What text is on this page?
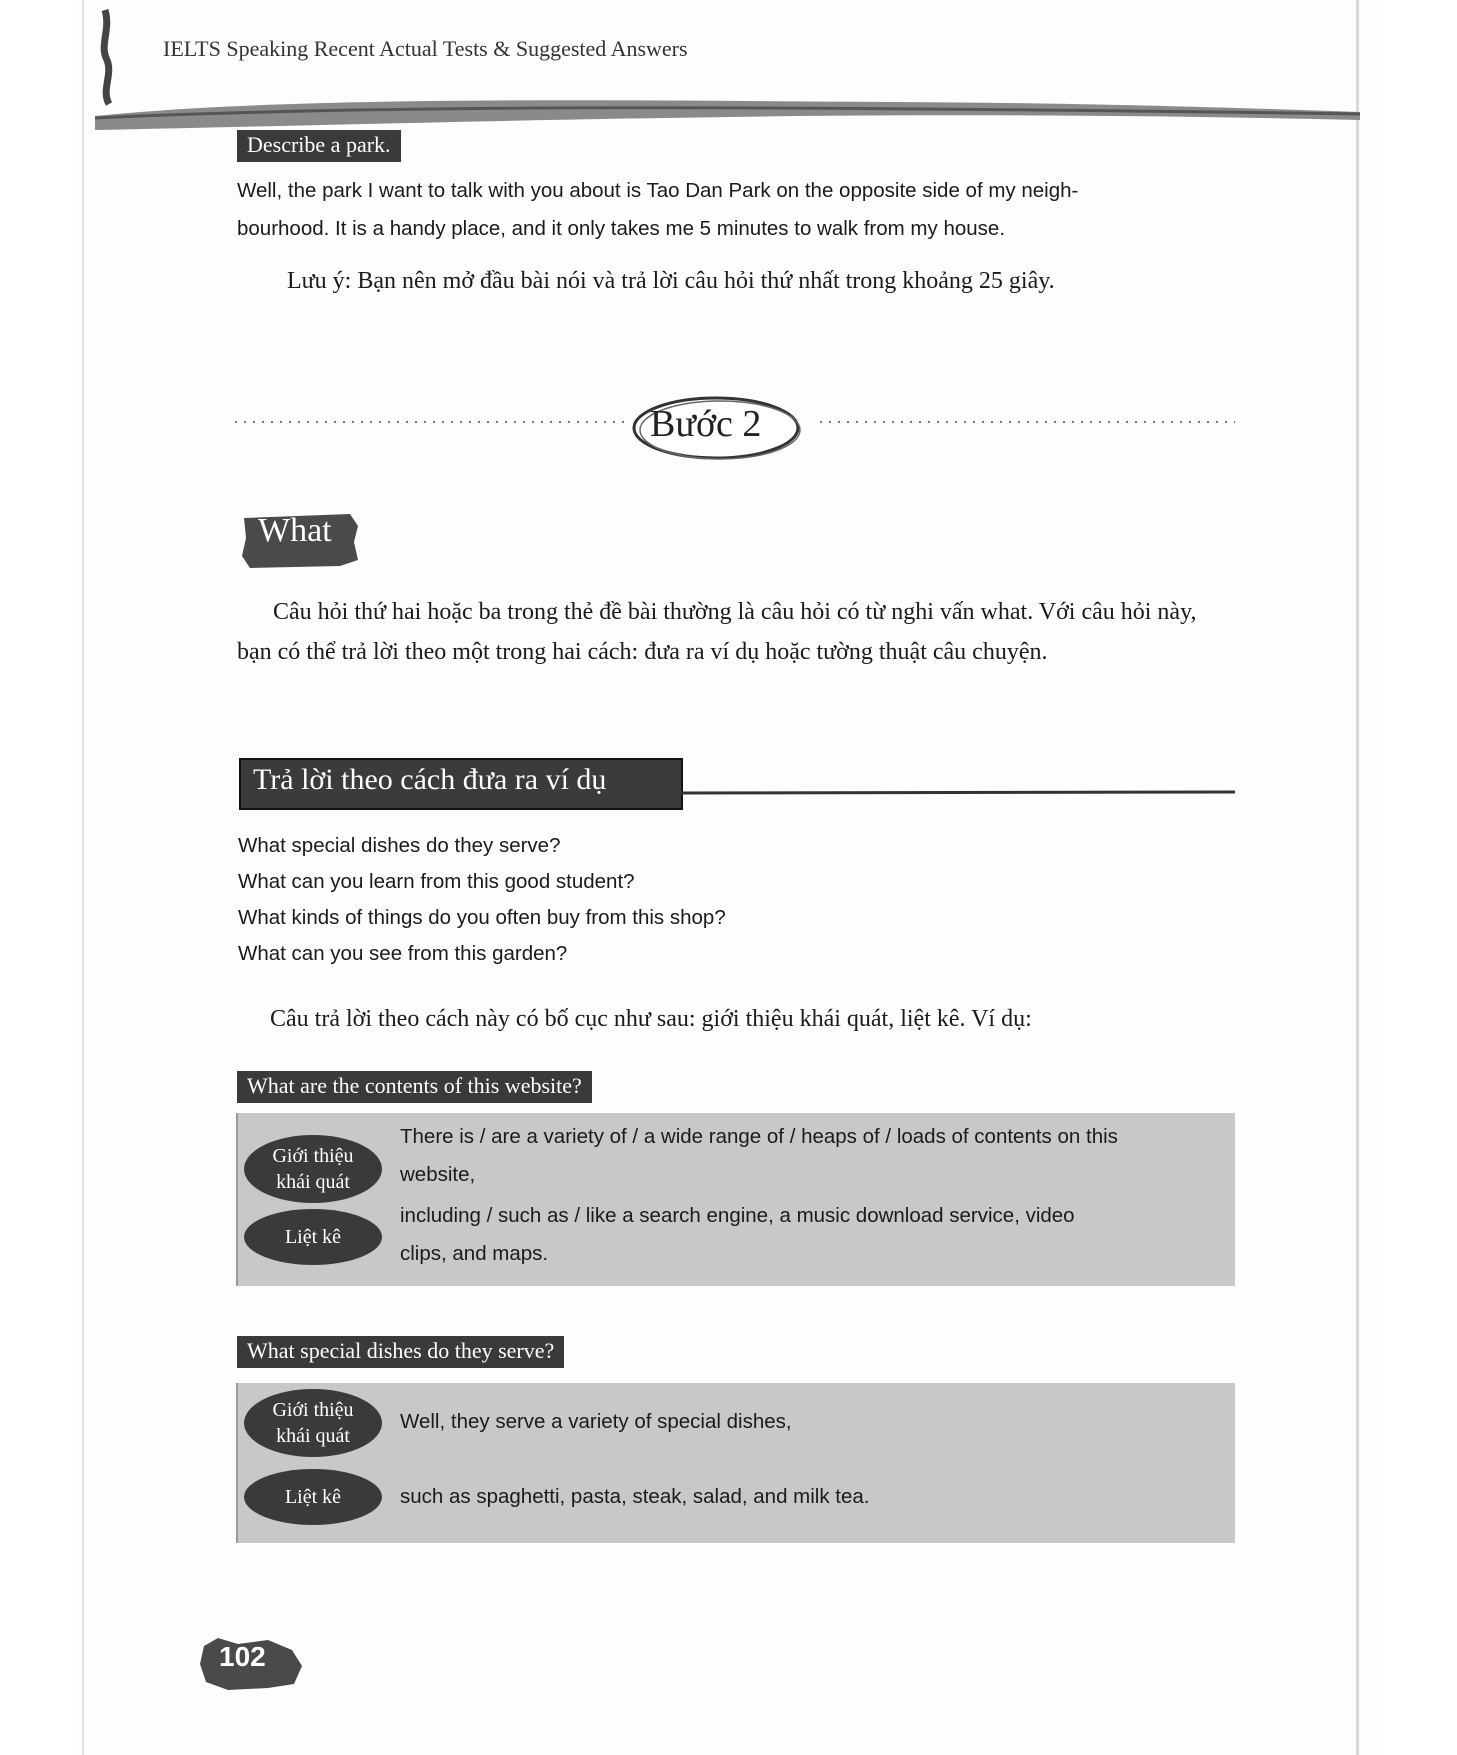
IELTS Speaking Recent Actual Tests & Suggested Answers
Describe a park.
Well, the park I want to talk with you about is Tao Dan Park on the opposite side of my neigh-
bourhood. It is a handy place, and it only takes me 5 minutes to walk from my house.
Lưu ý: Bạn nên mở đầu bài nói và trả lời câu hỏi thứ nhất trong khoảng 25 giây.
Bước 2
What
Câu hỏi thứ hai hoặc ba trong thẻ đề bài thường là câu hỏi có từ nghi vấn what. Với câu hỏi này, bạn có thể trả lời theo một trong hai cách: đưa ra ví dụ hoặc tường thuật câu chuyện.
Trả lời theo cách đưa ra ví dụ
What special dishes do they serve?
What can you learn from this good student?
What kinds of things do you often buy from this shop?
What can you see from this garden?
Câu trả lời theo cách này có bố cục như sau: giới thiệu khái quát, liệt kê. Ví dụ:
What are the contents of this website?
Giới thiệu
khái quát
There is / are a variety of / a wide range of / heaps of / loads of contents on this
website,
Liệt kê
including / such as / like a search engine, a music download service, video
clips, and maps.
What special dishes do they serve?
Giới thiệu
khái quát
Well, they serve a variety of special dishes,
Liệt kê	such as spaghetti, pasta, steak, salad, and milk tea.
102
